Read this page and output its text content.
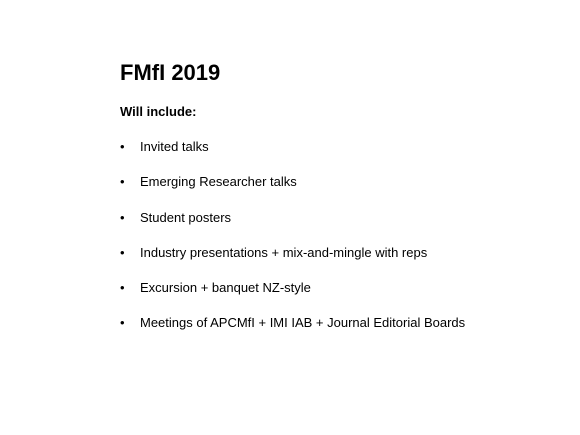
FMfI 2019
Will include:
•	Invited talks
•	Emerging Researcher talks
•	Student posters
•	Industry presentations + mix-and-mingle with reps
•	Excursion + banquet NZ-style
•	Meetings of APCMfI + IMI IAB + Journal Editorial Boards
